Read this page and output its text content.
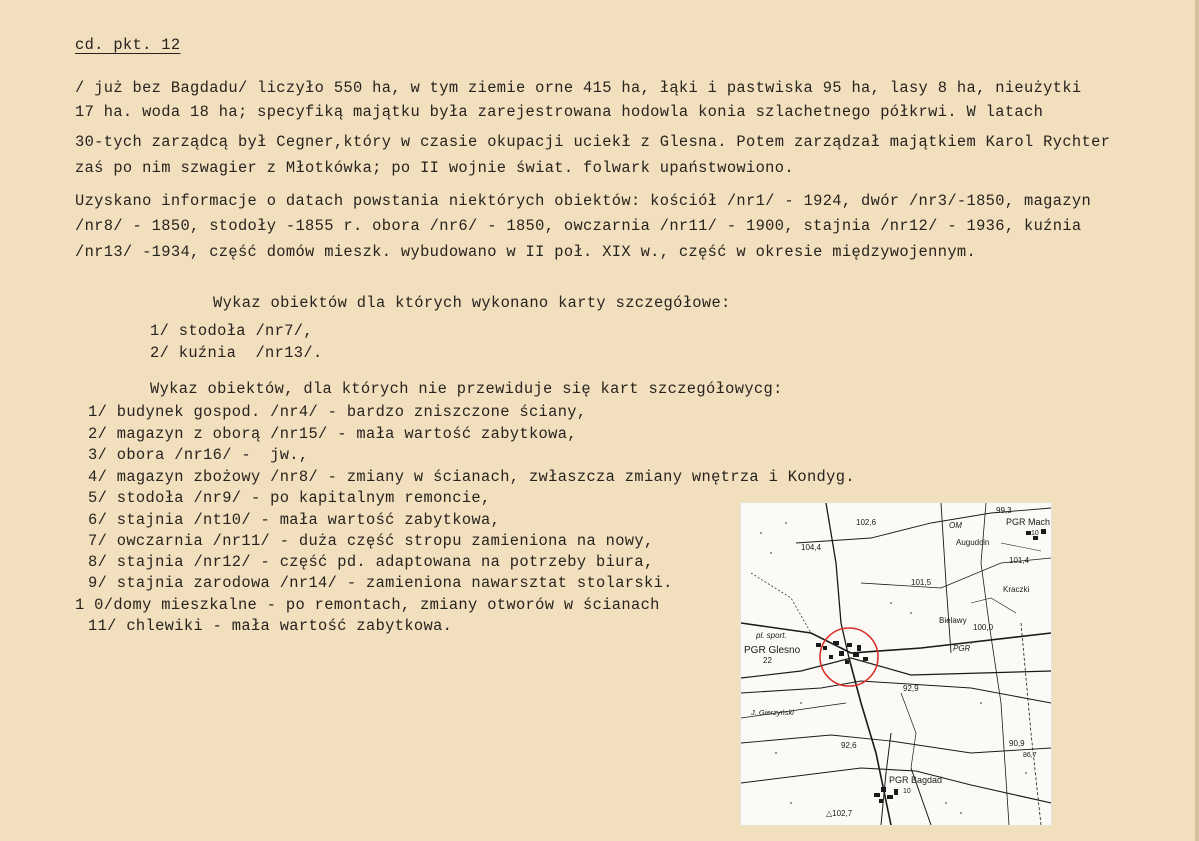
cd. pkt. 12

/ już bez Bagdadu/ liczyło 550 ha, w tym ziemie orne 415 ha, łąki i pastwiska 95 ha, lasy 8 ha, nieużytki

17 ha. woda 18 ha; specyfiką majątku była zarejestrowana hodowla konia szlachetnego półkrwi. W latach

30-tych zarządcą był Cegner,który w czasie okupacji uciekł z Glesna. Potem zarządzał majątkiem Karol Rychter

zaś po nim szwagier z Młotkówka; po II wojnie świat. folwark upaństwowiono.

Uzyskano informacje o datach powstania niektórych obiektów: kościół /nr1/ - 1924, dwór /nr3/-1850, magazyn

/nr8/ - 1850, stodoły -1855 r. obora /nr6/ - 1850, owczarnia /nr11/ - 1900, stajnia /nr12/ - 1936, kuźnia

/nr13/ -1934, część domów mieszk. wybudowano w II poł. XIX w., część w okresie międzywojennym.

Wykaz obiektów dla których wykonano karty szczegółowe:

1/ stodoła /nr7/,

2/ kuźnia  /nr13/.

Wykaz obiektów, dla których nie przewiduje się kart szczegółowycg:

1/ budynek gospod. /nr4/ - bardzo zniszczone ściany,

2/ magazyn z oborą /nr15/ - mała wartość zabytkowa,

3/ obora /nr16/ -  jw.,

4/ magazyn zbożowy /nr8/ - zmiany w ścianach, zwłaszcza zmiany wnętrza i Kondyg.

5/ stodoła /nr9/ - po kapitalnym remoncie,

6/ stajnia /nt10/ - mała wartość zabytkowa,

7/ owczarnia /nr11/ - duża część stropu zamieniona na nowy,

8/ stajnia /nr12/ - część pd. adaptowana na potrzeby biura,

9/ stajnia zarodowa /nr14/ - zamieniona nawarsztat stolarski.

1 0/domy mieszkalne - po remontach, zmiany otworów w ścianach

11/ chlewiki - mała wartość zabytkowa.

PGR Mach
10
102,6
99,3
OM
104,4
101,4
Augudcin
101,5
Kraczki
Bielawy
100,0
pl. sport.
PGR Glesno
22
PGR
92,9
J. Gierzyński
92,6	90,9
86,7
PGR Bagdad
10
△102,7
